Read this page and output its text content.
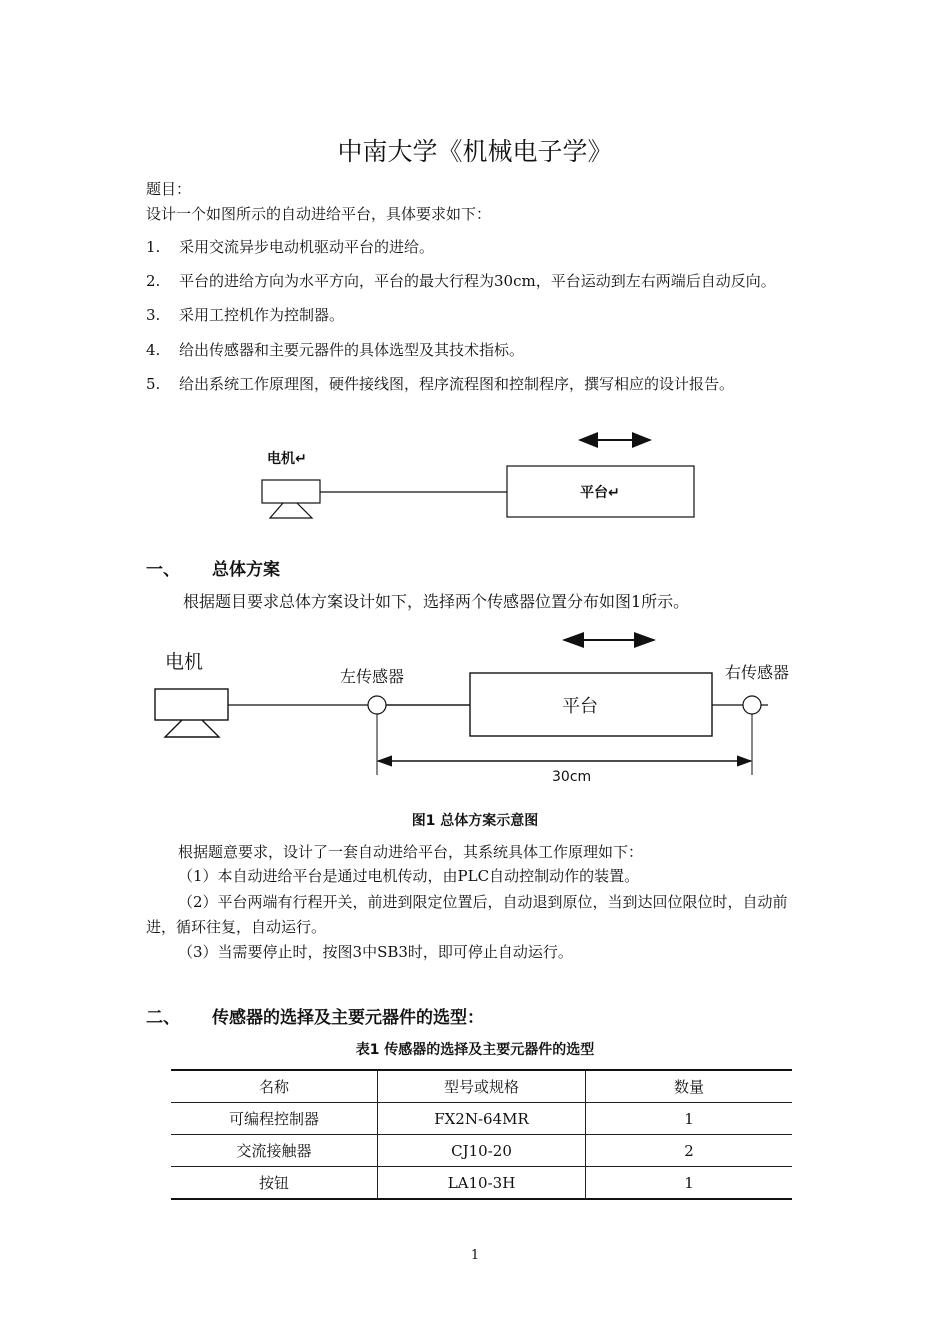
中南大学《机械电子学》
题目：
设计一个如图所示的自动进给平台，具体要求如下：
1. 采用交流异步电动机驱动平台的进给。
2. 平台的进给方向为水平方向，平台的最大行程为30cm，平台运动到左右两端后自动反向。
3. 采用工控机作为控制器。
4. 给出传感器和主要元器件的具体选型及其技术指标。
5. 给出系统工作原理图，硬件接线图，程序流程图和控制程序，撰写相应的设计报告。
电机↵
平台↵
一、 总体方案
根据题目要求总体方案设计如下，选择两个传感器位置分布如图1所示。
电机
左传感器
平台
右传感器
30cm
图1 总体方案示意图
根据题意要求，设计了一套自动进给平台，其系统具体工作原理如下：
（1）本自动进给平台是通过电机传动，由PLC自动控制动作的装置。
（2）平台两端有行程开关，前进到限定位置后，自动退到原位，当到达回位限位时，自动前
进，循环往复，自动运行。
（3）当需要停止时，按图3中SB3时，即可停止自动运行。
二、 传感器的选择及主要元器件的选型：
表1 传感器的选择及主要元器件的选型
名称	型号或规格	数量
可编程控制器	FX2N-64MR	1
交流接触器	CJ10-20	2
按钮	LA10-3H	1
1
